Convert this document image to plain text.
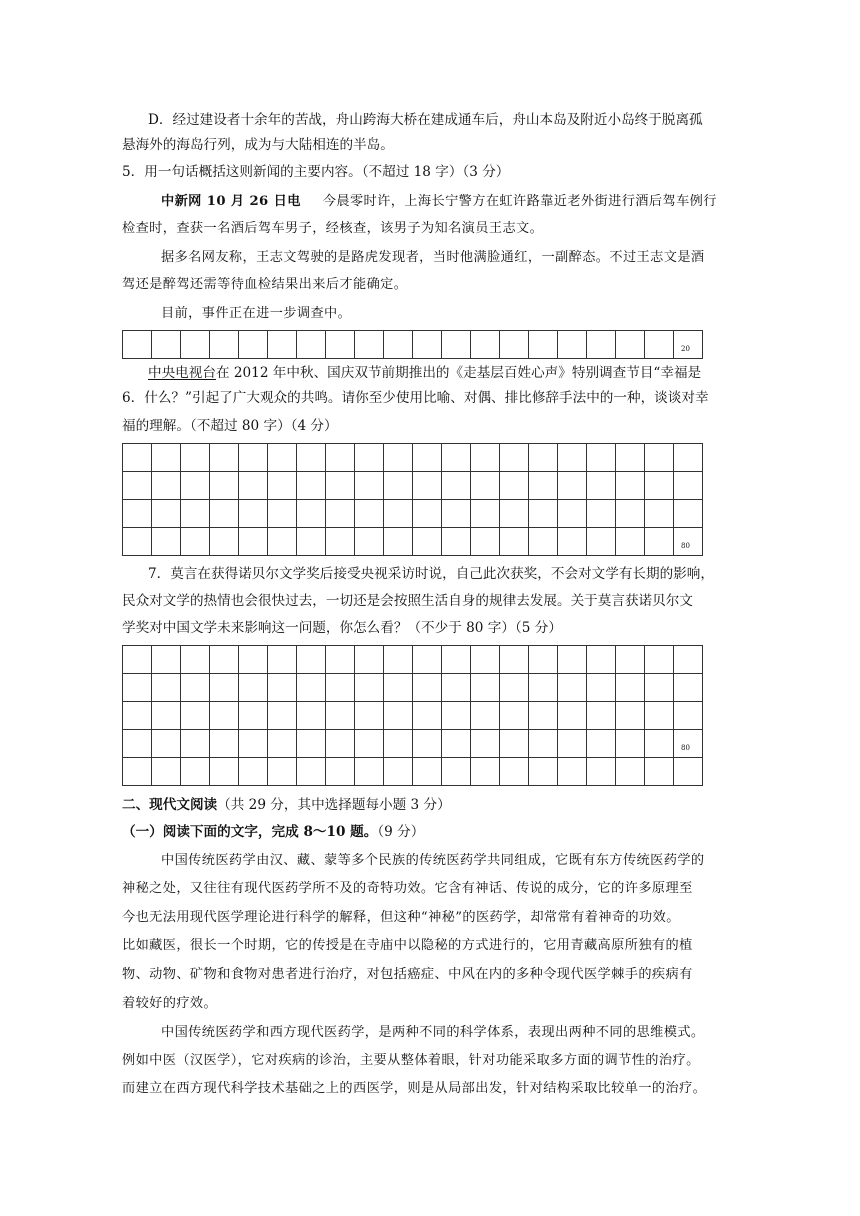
D．经过建设者十余年的苦战，舟山跨海大桥在建成通车后，舟山本岛及附近小岛终于脱离孤
悬海外的海岛行列，成为与大陆相连的半岛。
5．用一句话概括这则新闻的主要内容。（不超过 18 字）（3 分）
中新网 10 月 26 日电 今晨零时许，上海长宁警方在虹许路靠近老外街进行酒后驾车例行
检查时，查获一名酒后驾车男子，经核查，该男子为知名演员王志文。
据多名网友称，王志文驾驶的是路虎发现者，当时他满脸通红，一副醉态。不过王志文是酒
驾还是醉驾还需等待血检结果出来后才能确定。
目前，事件正在进一步调查中。

20
中央电视台在 2012 年中秋、国庆双节前期推出的《走基层百姓心声》特别调查节目“幸福是
6．什么？”引起了广大观众的共鸣。请你至少使用比喻、对偶、排比修辞手法中的一种，谈谈对幸
福的理解。（不超过 80 字）（4 分）

																			80
7．莫言在获得诺贝尔文学奖后接受央视采访时说，自己此次获奖，不会对文学有长期的影响，
民众对文学的热情也会很快过去，一切还是会按照生活自身的规律去发展。关于莫言获诺贝尔文
学奖对中国文学未来影响这一问题，你怎么看？（不少于 80 字）（5 分）

																			80

二、现代文阅读（共 29 分，其中选择题每小题 3 分）
（一）阅读下面的文字，完成 8～10 题。（9 分）
中国传统医药学由汉、藏、蒙等多个民族的传统医药学共同组成，它既有东方传统医药学的
神秘之处，又往往有现代医药学所不及的奇特功效。它含有神话、传说的成分，它的许多原理至
今也无法用现代医学理论进行科学的解释，但这种“神秘”的医药学，却常常有着神奇的功效。
比如藏医，很长一个时期，它的传授是在寺庙中以隐秘的方式进行的，它用青藏高原所独有的植
物、动物、矿物和食物对患者进行治疗，对包括癌症、中风在内的多种令现代医学棘手的疾病有
着较好的疗效。
中国传统医药学和西方现代医药学，是两种不同的科学体系，表现出两种不同的思维模式。
例如中医（汉医学），它对疾病的诊治，主要从整体着眼，针对功能采取多方面的调节性的治疗。
而建立在西方现代科学技术基础之上的西医学，则是从局部出发，针对结构采取比较单一的治疗。
